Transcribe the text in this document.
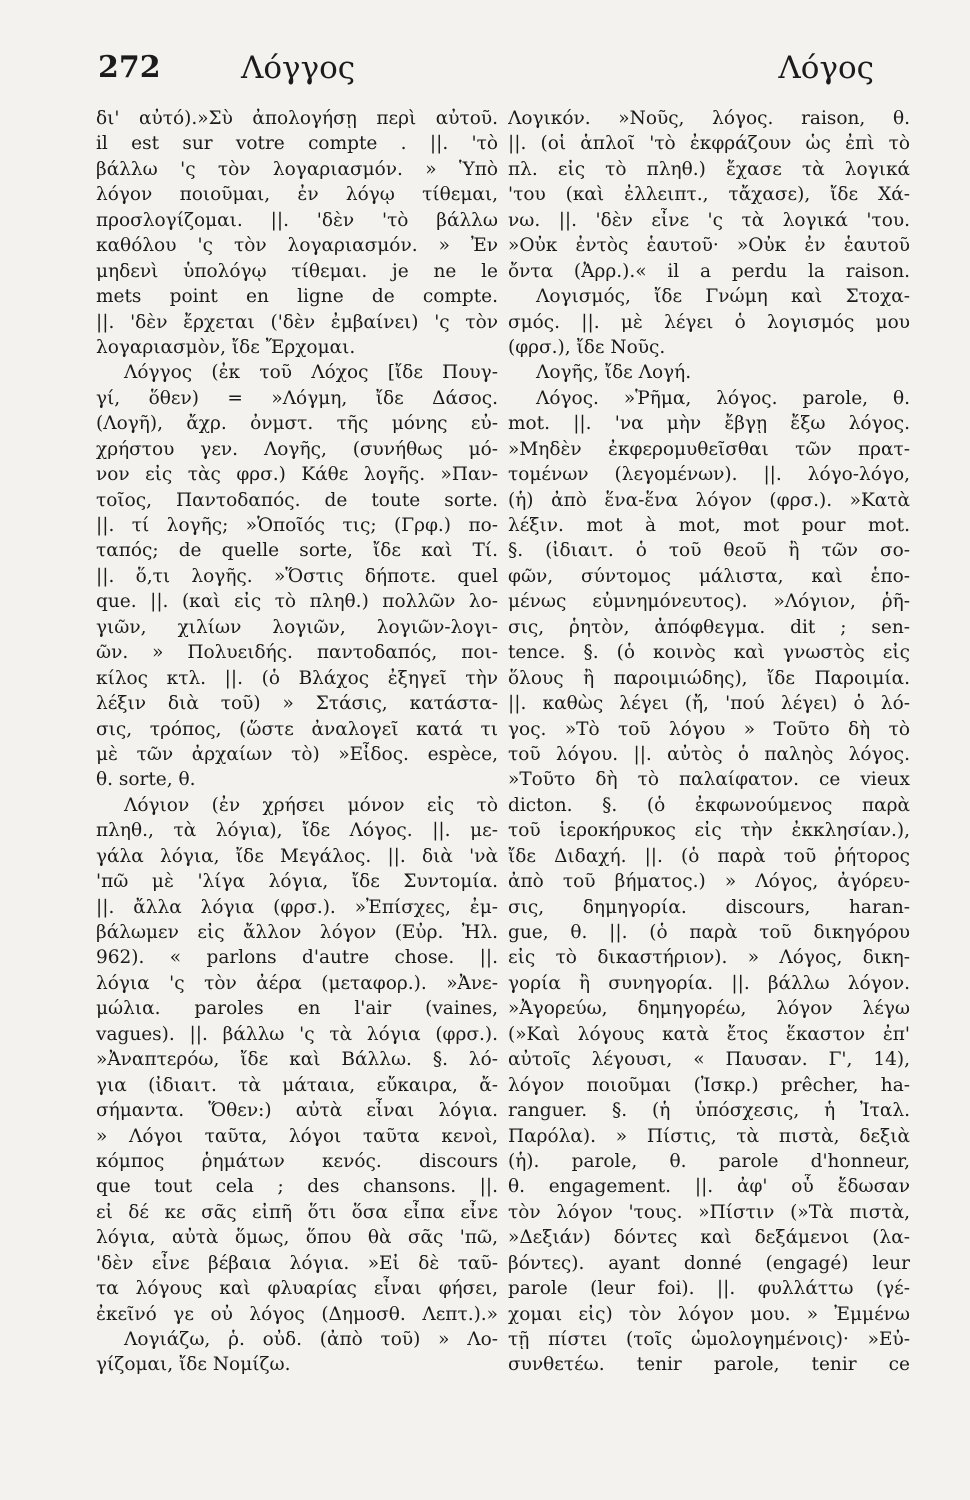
272	Λόγγος	Λόγος
δι' αὐτό).»Σὺ ἀπολογήσῃ περὶ αὐτοῦ.
il est sur votre compte . ||. 'τὸ
βάλλω 'ς τὸν λογαριασμόν. » Ὑπὸ
λόγον ποιοῦμαι, ἐν λόγῳ τίθεμαι,
προσλογίζομαι. ||. 'δὲν 'τὸ βάλλω
καθόλου 'ς τὸν λογαριασμόν. » Ἐν
μηδενὶ ὑπολόγῳ τίθεμαι. je ne le
mets point en ligne de compte.
||. 'δὲν ἔρχεται ('δὲν ἐμβαίνει) 'ς τὸν
λογαριασμὸν, ἴδε Ἔρχομαι.
Λόγγος (ἐκ τοῦ Λόχος [ἴδε Πουγ-
γί, ὅθεν) = »Λόγμη, ἴδε Δάσος.
(Λογῆ), ἄχρ. ὀνμστ. τῆς μόνης εὐ-
χρήστου γεν. Λογῆς, (συνήθως μό-
νον εἰς τὰς φρσ.) Κάθε λογῆς. »Παν-
τοῖος, Παντοδαπός. de toute sorte.
||. τί λογῆς; »Ὁποῖός τις; (Γρφ.) πο-
ταπός; de quelle sorte, ἴδε καὶ Τί.
||. ὅ,τι λογῆς. »Ὅστις δήποτε. quel
que. ||. (καὶ εἰς τὸ πληθ.) πολλῶν λο-
γιῶν, χιλίων λογιῶν, λογιῶν-λογι-
ῶν. » Πολυειδής. παντοδαπός, ποι-
κίλος κτλ. ||. (ὁ Βλάχος ἐξηγεῖ τὴν
λέξιν διὰ τοῦ) » Στάσις, κατάστα-
σις, τρόπος, (ὥστε ἀναλογεῖ κατά τι
μὲ τῶν ἀρχαίων τὸ) »Εἶδος. espèce,
θ. sorte, θ.
Λόγιον (ἐν χρήσει μόνον εἰς τὸ
πληθ., τὰ λόγια), ἴδε Λόγος. ||. με-
γάλα λόγια, ἴδε Μεγάλος. ||. διὰ 'νὰ
'πῶ μὲ 'λίγα λόγια, ἴδε Συντομία.
||. ἄλλα λόγια (φρσ.). »Ἐπίσχες, ἐμ-
βάλωμεν εἰς ἄλλον λόγον (Εὐρ. Ἠλ.
962). « parlons d'autre chose. ||.
λόγια 'ς τὸν ἀέρα (μεταφορ.). »Ἀνε-
μώλια. paroles en l'air (vaines,
vagues). ||. βάλλω 'ς τὰ λόγια (φρσ.).
»Ἀναπτερόω, ἴδε καὶ Βάλλω. §. λό-
για (ἰδιαιτ. τὰ μάταια, εὔκαιρα, ἄ-
σήμαντα. Ὅθεν:) αὐτὰ εἶναι λόγια.
» Λόγοι ταῦτα, λόγοι ταῦτα κενοὶ,
κόμπος ῥημάτων κενός. discours
que tout cela ; des chansons. ||.
εἰ δέ κε σᾶς εἰπῆ ὅτι ὅσα εἶπα εἶνε
λόγια, αὐτὰ ὅμως, ὅπου θὰ σᾶς 'πῶ,
'δὲν εἶνε βέβαια λόγια. »Εἰ δὲ ταῦ-
τα λόγους καὶ φλυαρίας εἶναι φήσει,
ἐκεῖνό γε οὐ λόγος (Δημοσθ. Λεπτ.).»
Λογιάζω, ῥ. οὐδ. (ἀπὸ τοῦ) » Λο-
γίζομαι, ἴδε Νομίζω.
Λογικόν. »Νοῦς, λόγος. raison, θ.
||. (οἱ ἁπλοῖ 'τὸ ἐκφράζουν ὡς ἐπὶ τὸ
πλ. εἰς τὸ πληθ.) ἔχασε τὰ λογικά
'του (καὶ ἐλλειπτ., τἄχασε), ἴδε Χά-
νω. ||. 'δὲν εἶνε 'ς τὰ λογικά 'του.
»Οὐκ ἐντὸς ἑαυτοῦ· »Οὐκ ἐν ἑαυτοῦ
ὄντα (Ἀρρ.).« il a perdu la raison.
Λογισμός, ἴδε Γνώμη καὶ Στοχα-
σμός. ||. μὲ λέγει ὁ λογισμός μου
(φρσ.), ἴδε Νοῦς.
Λογῆς, ἴδε Λογή.
Λόγος. »Ῥῆμα, λόγος. parole, θ.
mot. ||. 'να μὴν ἔβγῃ ἔξω λόγος.
»Μηδὲν ἐκφερομυθεῖσθαι τῶν πρατ-
τομένων (λεγομένων). ||. λόγο-λόγο,
(ἡ) ἀπὸ ἕνα-ἕνα λόγον (φρσ.). »Κατὰ
λέξιν. mot à mot, mot pour mot.
§. (ἰδιαιτ. ὁ τοῦ θεοῦ ἢ τῶν σο-
φῶν, σύντομος μάλιστα, καὶ ἑπο-
μένως εὐμνημόνευτος). »Λόγιον, ῥῆ-
σις, ῥητὸν, ἀπόφθεγμα. dit ; sen-
tence. §. (ὁ κοινὸς καὶ γνωστὸς εἰς
ὅλους ἢ παροιμιώδης), ἴδε Παροιμία.
||. καθὼς λέγει (ἤ, 'πού λέγει) ὁ λό-
γος. »Τὸ τοῦ λόγου » Τοῦτο δὴ τὸ
τοῦ λόγου. ||. αὐτὸς ὁ παληὸς λόγος.
»Τοῦτο δὴ τὸ παλαίφατον. ce vieux
dicton. §. (ὁ ἐκφωνούμενος παρὰ
τοῦ ἱεροκήρυκος εἰς τὴν ἐκκλησίαν.),
ἴδε Διδαχή. ||. (ὁ παρὰ τοῦ ῥήτορος
ἀπὸ τοῦ βήματος.) » Λόγος, ἀγόρευ-
σις, δημηγορία. discours, haran-
gue, θ. ||. (ὁ παρὰ τοῦ δικηγόρου
εἰς τὸ δικαστήριον). » Λόγος, δικη-
γορία ἢ συνηγορία. ||. βάλλω λόγον.
»Ἀγορεύω, δημηγορέω, λόγον λέγω
(»Καὶ λόγους κατὰ ἔτος ἕκαστον ἐπ'
αὐτοῖς λέγουσι, « Παυσαν. Γ', 14),
λόγον ποιοῦμαι (Ἰσκρ.) prêcher, ha-
ranguer. §. (ἡ ὑπόσχεσις, ἡ Ἰταλ.
Παρόλα). » Πίστις, τὰ πιστὰ, δεξιὰ
(ἡ). parole, θ. parole d'honneur,
θ. engagement. ||. ἀφ' οὗ ἔδωσαν
τὸν λόγον 'τους. »Πίστιν (»Τὰ πιστὰ,
»Δεξιάν) δόντες καὶ δεξάμενοι (λα-
βόντες). ayant donné (engagé) leur
parole (leur foi). ||. φυλλάττω (γέ-
χομαι εἰς) τὸν λόγον μου. » Ἐμμένω
τῇ πίστει (τοῖς ὡμολογημένοις)· »Εὐ-
συνθετέω. tenir parole, tenir ce
